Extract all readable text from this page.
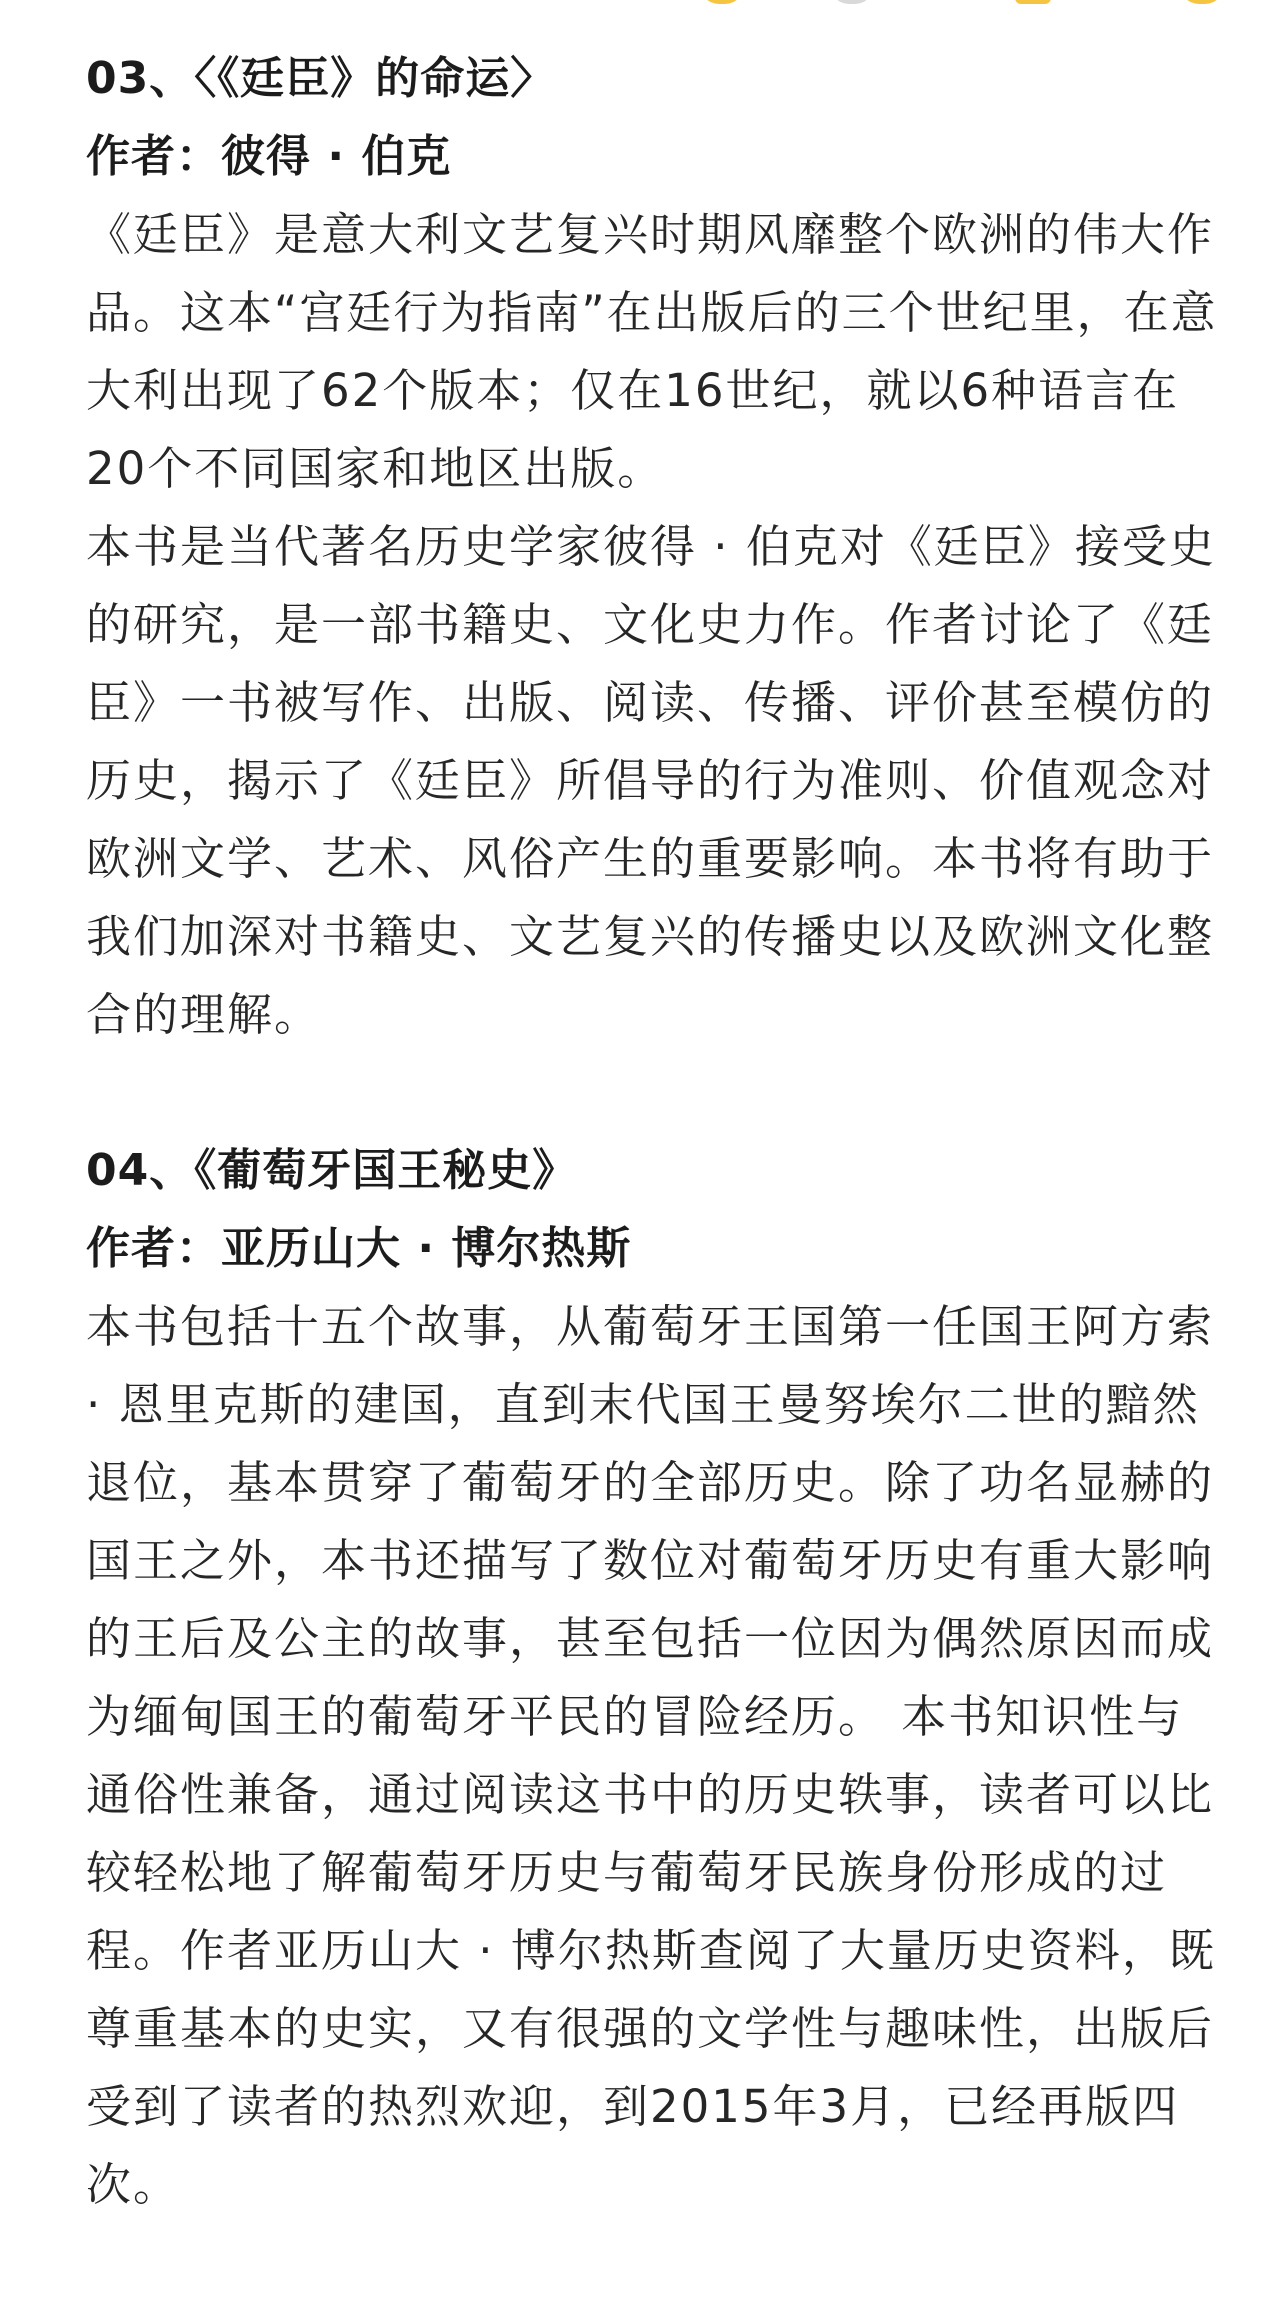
03、〈《廷臣》的命运〉
作者：彼得 · 伯克

《廷臣》是意大利文艺复兴时期风靡整个欧洲的伟大作品。这本“宫廷行为指南”在出版后的三个世纪里，在意大利出现了62个版本；仅在16世纪，就以6种语言在20个不同国家和地区出版。

本书是当代著名历史学家彼得 · 伯克对《廷臣》接受史的研究，是一部书籍史、文化史力作。作者讨论了《廷臣》一书被写作、出版、阅读、传播、评价甚至模仿的历史，揭示了《廷臣》所倡导的行为准则、价值观念对欧洲文学、艺术、风俗产生的重要影响。本书将有助于我们加深对书籍史、文艺复兴的传播史以及欧洲文化整合的理解。

04、《葡萄牙国王秘史》
作者：亚历山大 · 博尔热斯

本书包括十五个故事，从葡萄牙王国第一任国王阿方索 · 恩里克斯的建国，直到末代国王曼努埃尔二世的黯然退位，基本贯穿了葡萄牙的全部历史。除了功名显赫的国王之外，本书还描写了数位对葡萄牙历史有重大影响的王后及公主的故事，甚至包括一位因为偶然原因而成为缅甸国王的葡萄牙平民的冒险经历。 本书知识性与通俗性兼备，通过阅读这书中的历史轶事，读者可以比较轻松地了解葡萄牙历史与葡萄牙民族身份形成的过程。作者亚历山大 · 博尔热斯查阅了大量历史资料，既尊重基本的史实，又有很强的文学性与趣味性，出版后受到了读者的热烈欢迎，到2015年3月，已经再版四次。
